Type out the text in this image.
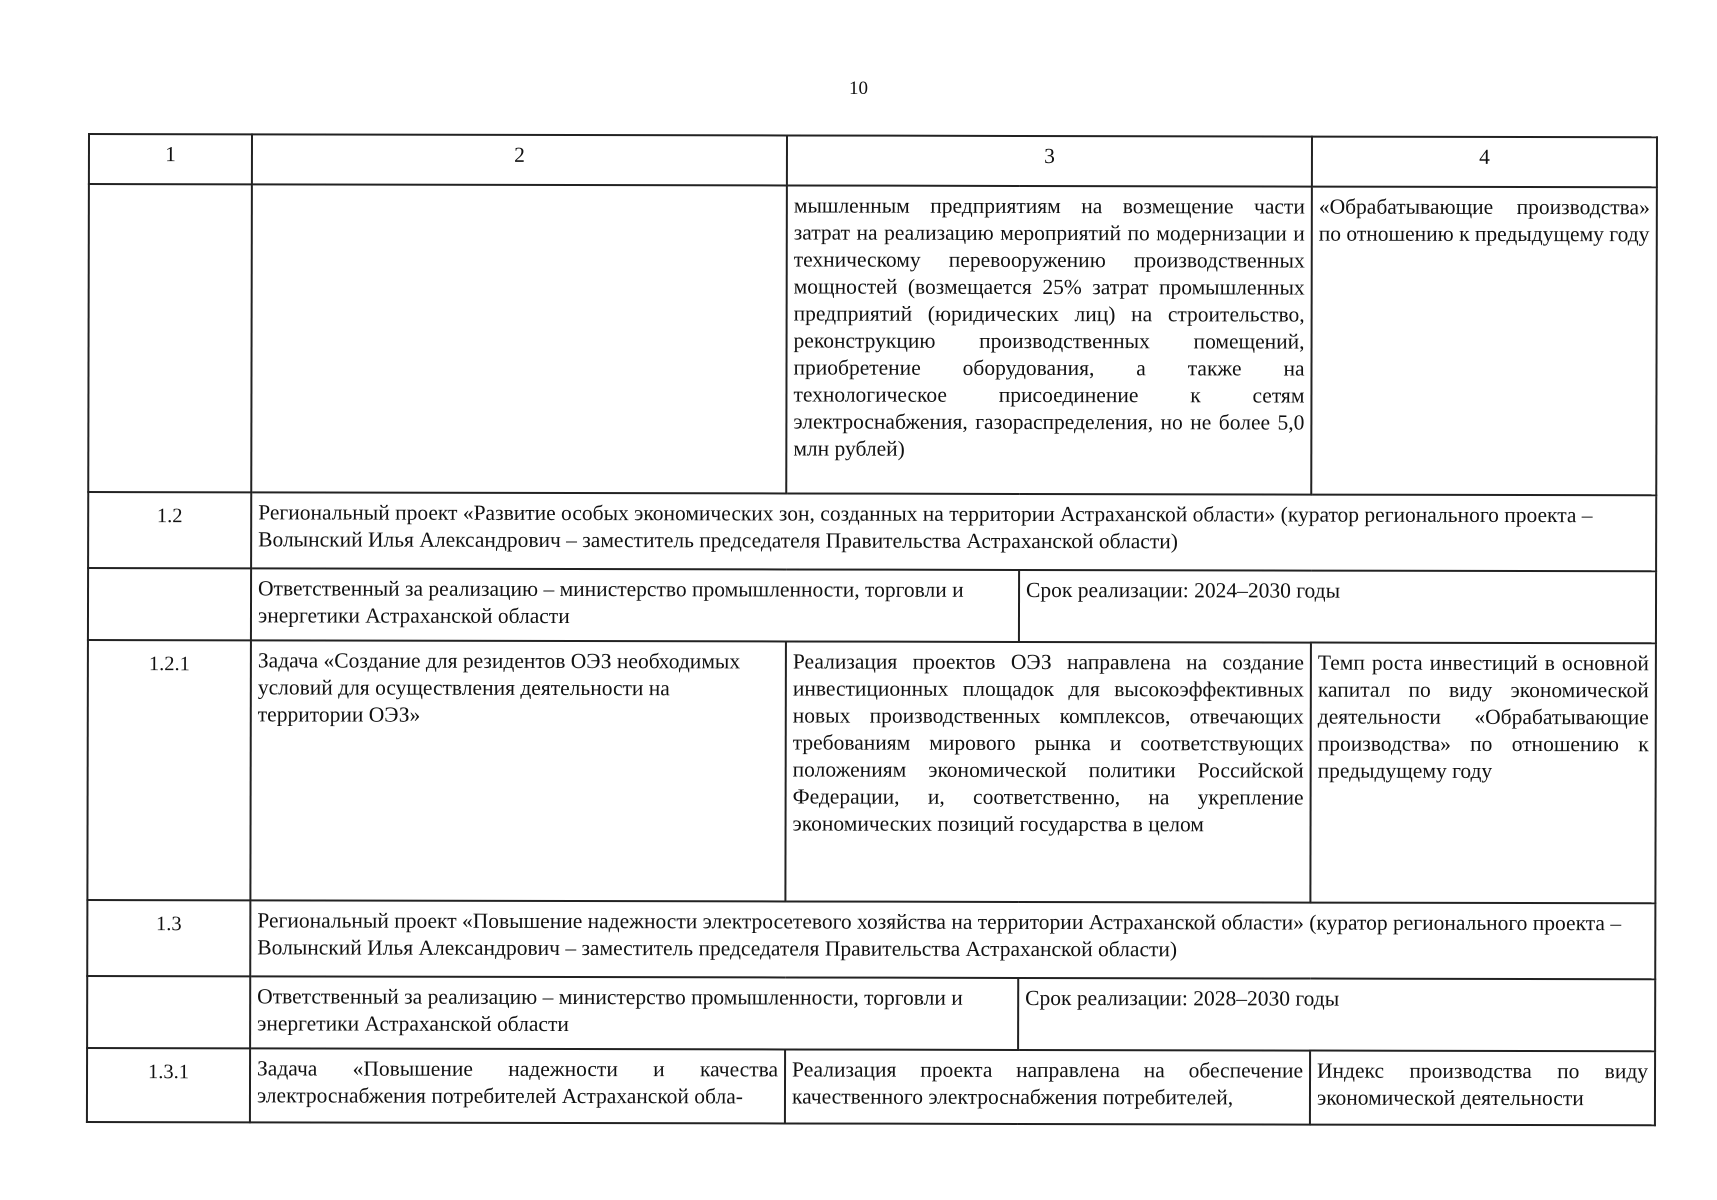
10
1	2	3		4
		мышленным предприятиям на возмещение части затрат на реализацию мероприятий по модернизации и техническому перевооружению производственных мощностей (возмещается 25% затрат промышленных предприятий (юридических лиц) на строительство, реконструкцию производственных помещений, приобретение оборудования, а также на технологическое присоединение к сетям электроснабжения, газораспределения, но не более 5,0 млн рублей)		«Обрабатывающие производства» по отношению к предыдущему году
1.2	Региональный проект «Развитие особых экономических зон, созданных на территории Астраханской области» (куратор регионального проекта – Волынский Илья Александрович – заместитель председателя Правительства Астраханской области)			
	Ответственный за реализацию – министерство промышленности, торговли и энергетики Астраханской области		Срок реализации: 2024–2030 годы	
1.2.1	Задача «Создание для резидентов ОЭЗ необходимых условий для осуществления деятельности на территории ОЭЗ»	Реализация проектов ОЭЗ направлена на создание инвестиционных площадок для высокоэффективных новых производственных комплексов, отвечающих требованиям мирового рынка и соответствующих положениям экономической политики Российской Федерации, и, соответственно, на укрепление экономических позиций государства в целом		Темп роста инвестиций в основной капитал по виду экономической деятельности «Обрабатывающие производства» по отношению к предыдущему году
1.3	Региональный проект «Повышение надежности электросетевого хозяйства на территории Астраханской области» (куратор регионального проекта – Волынский Илья Александрович – заместитель председателя Правительства Астраханской области)			
	Ответственный за реализацию – министерство промышленности, торговли и энергетики Астраханской области		Срок реализации: 2028–2030 годы	
1.3.1	Задача «Повышение надежности и качества электроснабжения потребителей Астраханской обла-	Реализация проекта направлена на обеспечение качественного электроснабжения потребителей,		Индекс производства по виду экономической деятельности
